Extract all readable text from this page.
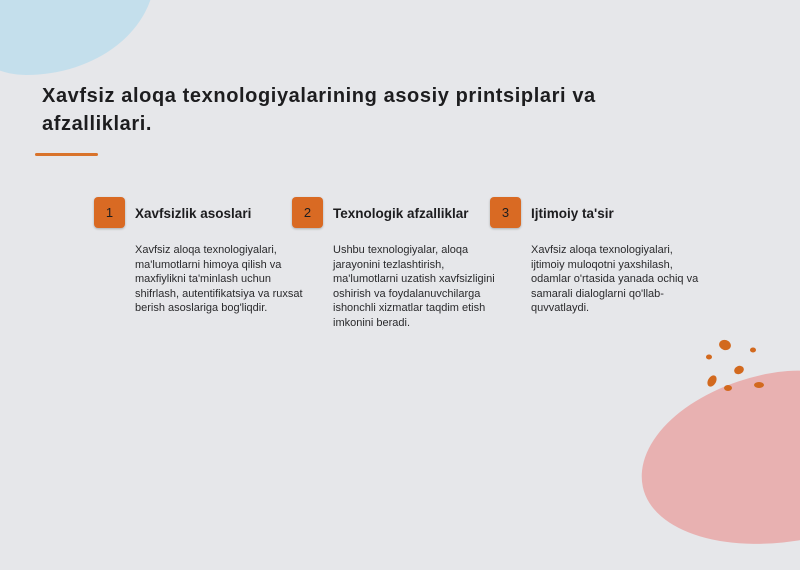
Xavfsiz aloqa texnologiyalarining asosiy printsiplari va afzalliklari.
1	Xavfsizlik asoslari

Xavfsiz aloqa texnologiyalari, ma'lumotlarni himoya qilish va maxfiylikni ta'minlash uchun shifrlash, autentifikatsiya va ruxsat berish asoslariga bog'liqdir.

2	Texnologik afzalliklar

Ushbu texnologiyalar, aloqa jarayonini tezlashtirish, ma'lumotlarni uzatish xavfsizligini oshirish va foydalanuvchilarga ishonchli xizmatlar taqdim etish imkonini beradi.

3	Ijtimoiy ta'sir

Xavfsiz aloqa texnologiyalari, ijtimoiy muloqotni yaxshilash, odamlar o'rtasida yanada ochiq va samarali dialoglarni qo'llab-quvvatlaydi.
